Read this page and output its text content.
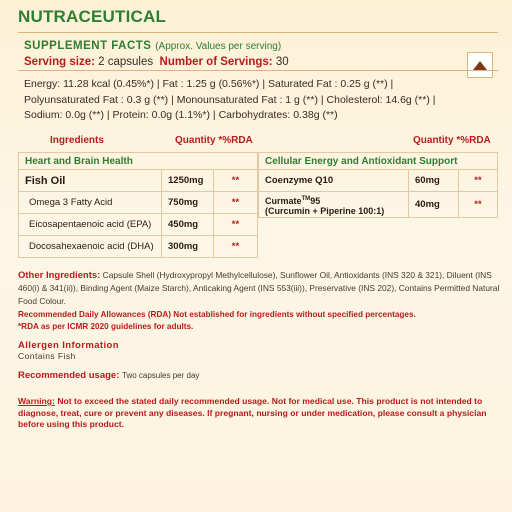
NUTRACEUTICAL
SUPPLEMENT FACTS (Approx. Values per serving)
Serving size: 2 capsules Number of Servings: 30
Energy: 11.28 kcal (0.45%*) | Fat : 1.25 g (0.56%*) | Saturated Fat : 0.25 g (**) |
Polyunsaturated Fat : 0.3 g (**) | Monounsaturated Fat : 1 g (**) | Cholesterol: 14.6g (**) |
Sodium: 0.0g (**) | Protein: 0.0g (1.1%*) | Carbohydrates: 0.38g (**)
Ingredients	Quantity *%RDA	Quantity *%RDA
Heart and Brain Health		
Fish Oil	1250mg	**
Omega 3 Fatty Acid	750mg	**
Eicosapentaenoic acid (EPA)	450mg	**
Docosahexaenoic acid (DHA)	300mg	**
Cellular Energy and Antioxidant Support		
Coenzyme Q10	60mg	**
Curmate™95
(Curcumin + Piperine 100:1)	40mg	**
Other Ingredients: Capsule Shell (Hydroxypropyl Methylcellulose), Sunflower Oil, Antioxidants (INS 320 & 321), Diluent (INS 460(i) & 341(ii)), Binding Agent (Maize Starch), Anticaking Agent (INS 553(iii)), Preservative (INS 202), Contains Permitted Natural Food Colour.
Recommended Daily Allowances (RDA) Not established for ingredients without specified percentages.
*RDA as per ICMR 2020 guidelines for adults.
Allergen Information
Contains Fish
Recommended usage: Two capsules per day
Warning: Not to exceed the stated daily recommended usage. Not for medical use. This product is not intended to diagnose, treat, cure or prevent any diseases. If pregnant, nursing or under medication, please consult a physician before using this product.
